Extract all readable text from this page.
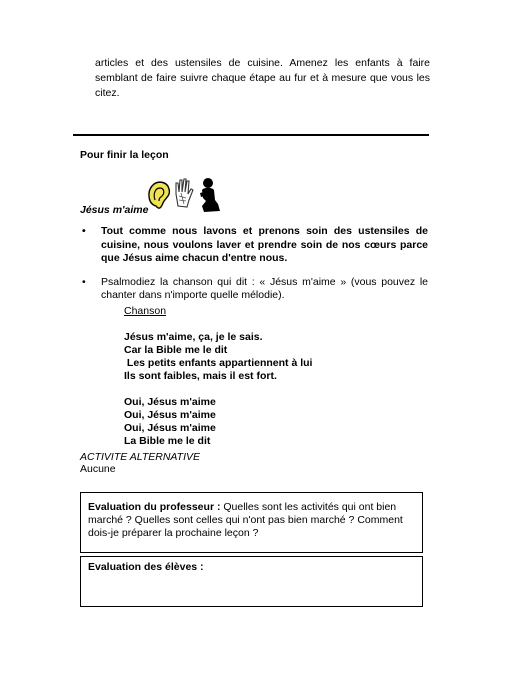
articles et des ustensiles de cuisine. Amenez les enfants à faire semblant de faire suivre chaque étape au fur et à mesure que vous les citez.
Pour finir la leçon
Jésus m'aime
• Tout comme nous lavons et prenons soin des ustensiles de cuisine, nous voulons laver et prendre soin de nos cœurs parce que Jésus aime chacun d'entre nous.
• Psalmodiez la chanson qui dit : « Jésus m'aime » (vous pouvez le chanter dans n'importe quelle mélodie).
Chanson
Jésus m'aime, ça, je le sais.
Car la Bible me le dit
Les petits enfants appartiennent à lui
Ils sont faibles, mais il est fort.
Oui, Jésus m'aime
Oui, Jésus m'aime
Oui, Jésus m'aime
La Bible me le dit
ACTIVITE ALTERNATIVE
Aucune
Evaluation du professeur : Quelles sont les activités qui ont bien marché ? Quelles sont celles qui n'ont pas bien marché ? Comment dois-je préparer la prochaine leçon ?
Evaluation des élèves :
